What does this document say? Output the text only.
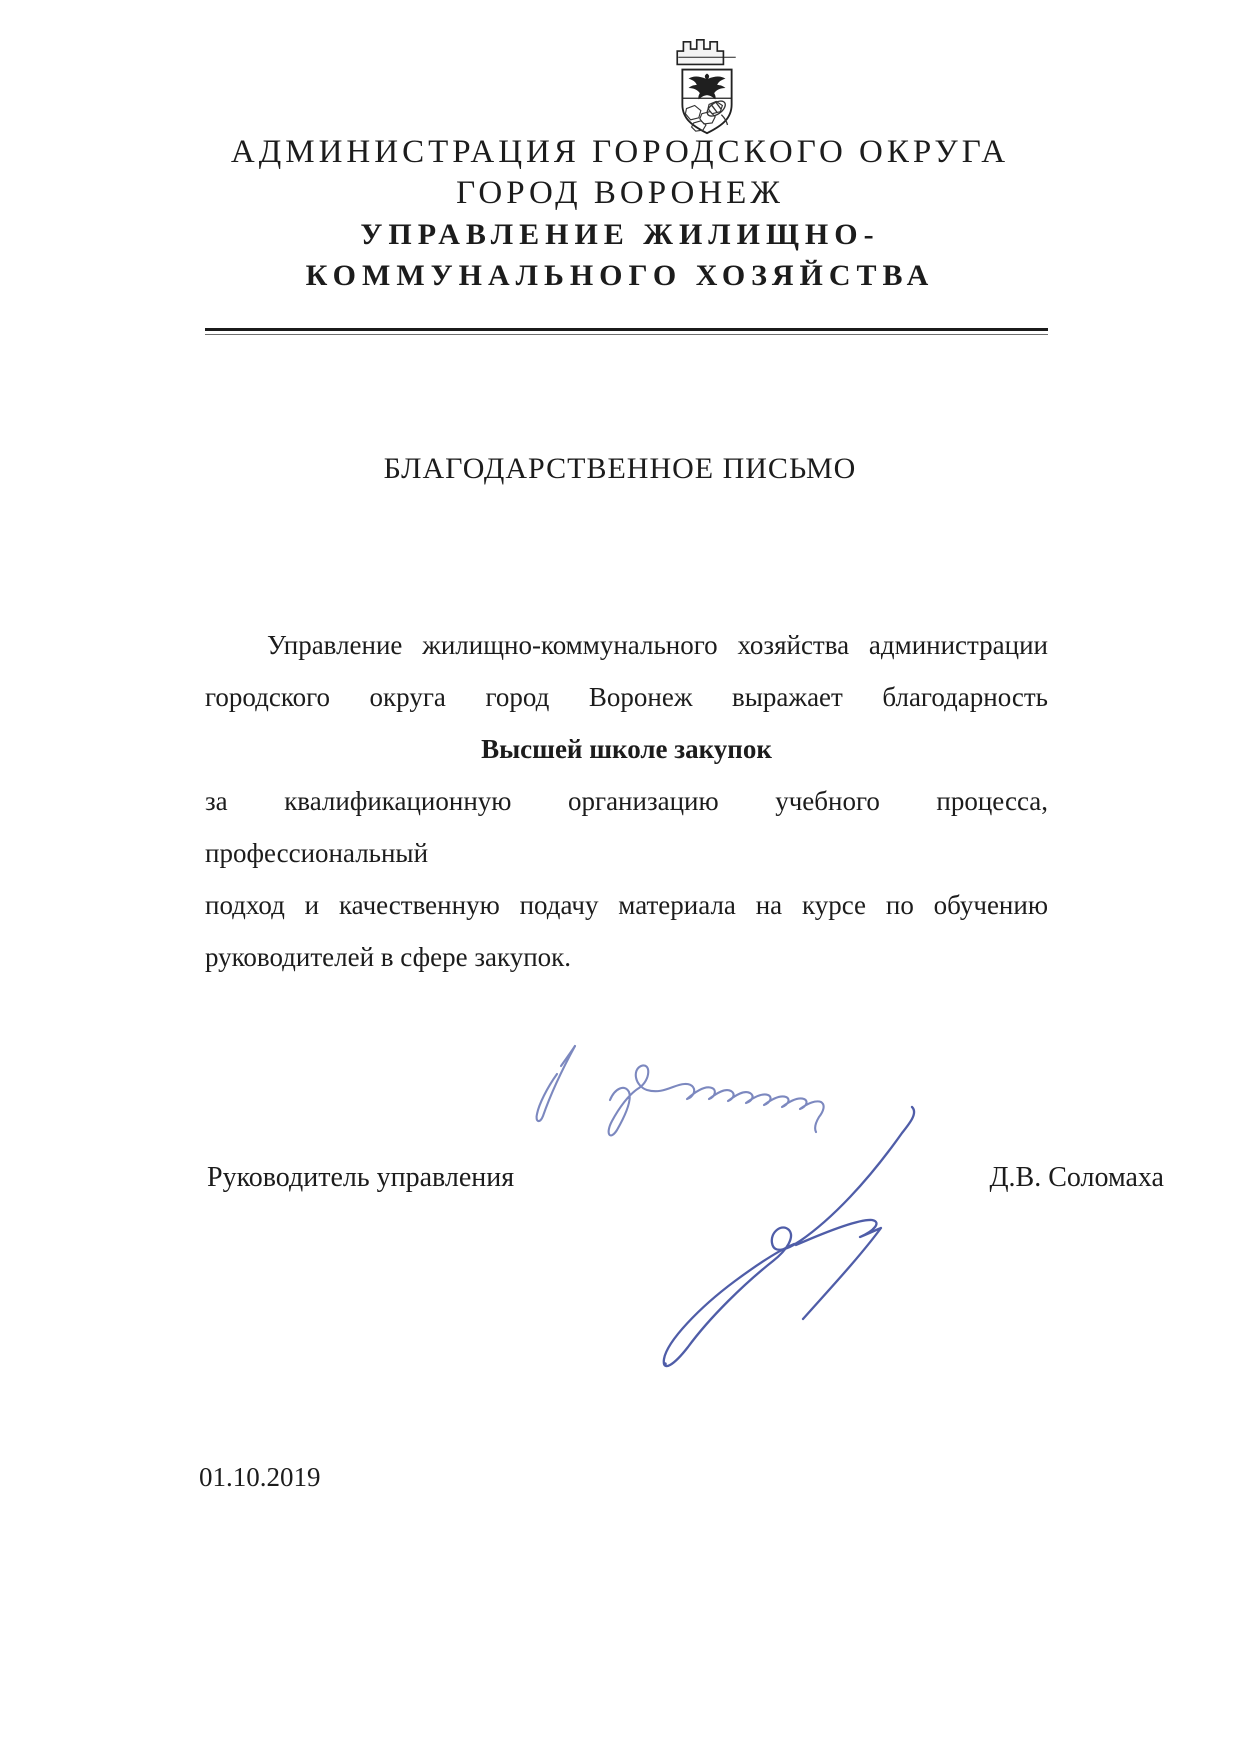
АДМИНИСТРАЦИЯ ГОРОДСКОГО ОКРУГА
ГОРОД ВОРОНЕЖ
УПРАВЛЕНИЕ ЖИЛИЩНО-
КОММУНАЛЬНОГО ХОЗЯЙСТВА
БЛАГОДАРСТВЕННОЕ ПИСЬМО
Управление жилищно-коммунального хозяйства администрации
городского округа город Воронеж выражает благодарность
Высшей школе закупок
за квалификационную организацию учебного процесса, профессиональный
подход и качественную подачу материала на курсе по обучению
руководителей в сфере закупок.
Руководитель управления	Д.В. Соломаха
01.10.2019
